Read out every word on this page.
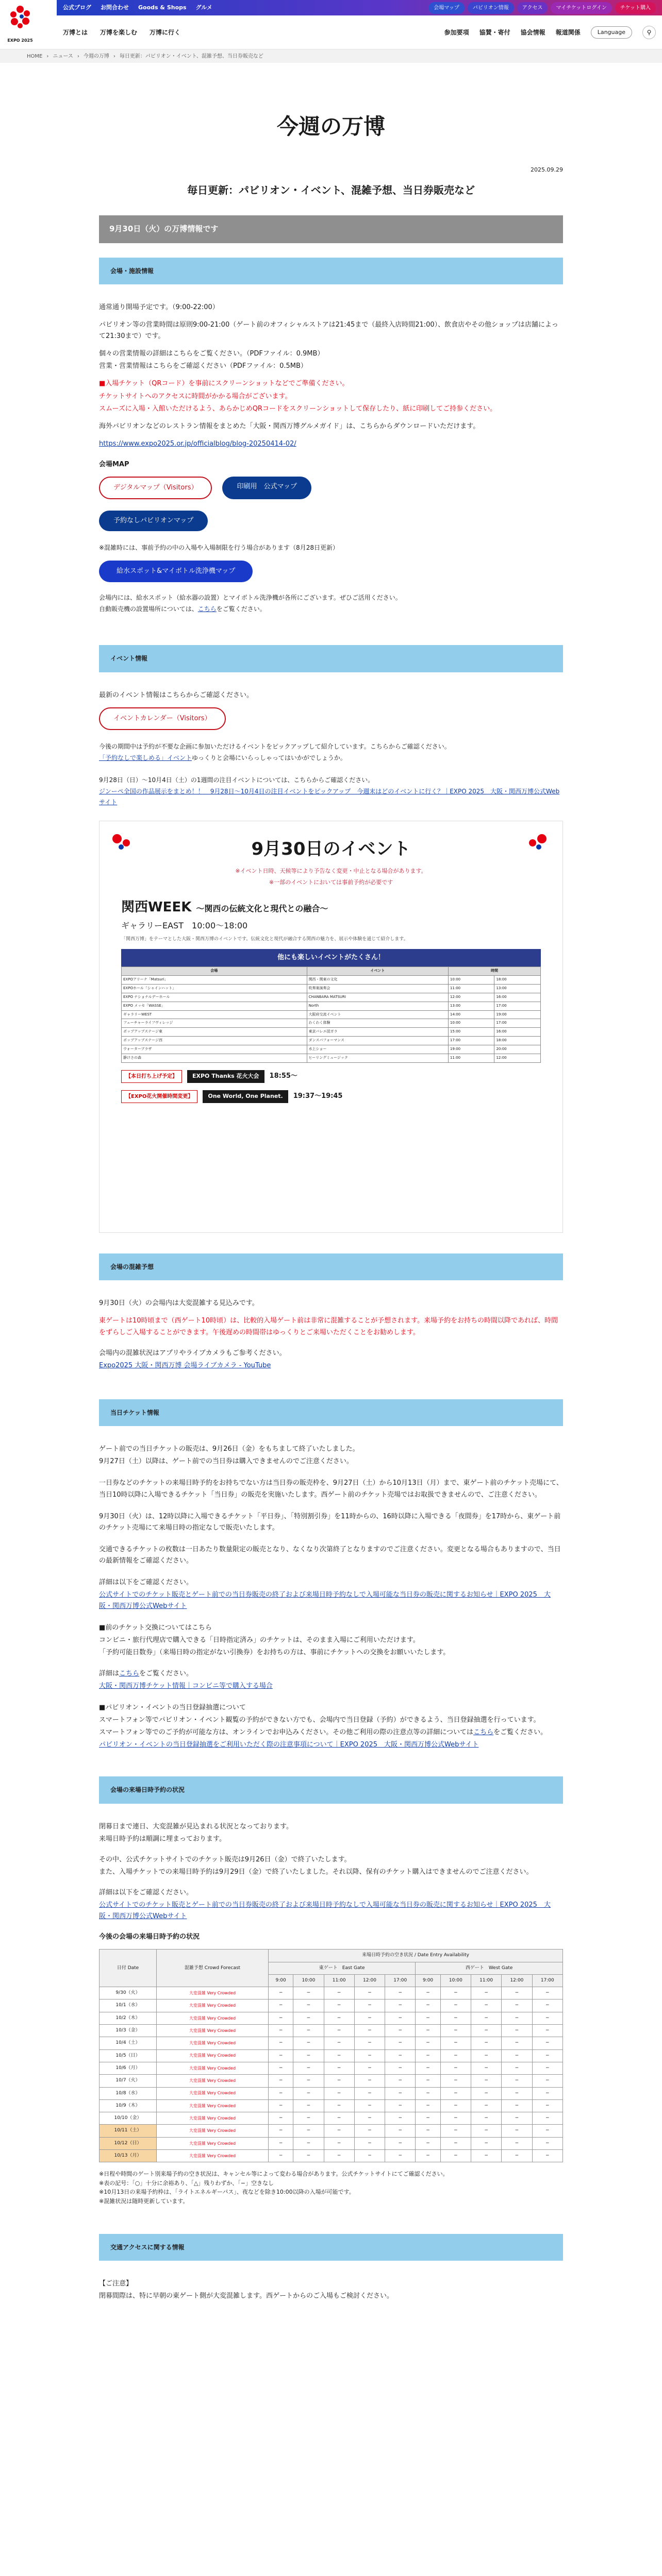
EXPO 2025
公式ブログ お問合わせ Goods & Shops グルメ	会場マップ	パビリオン情報	アクセス	マイチケットログイン	チケット購入
万博とは 万博を楽しむ 万博に行く	参加要項 協賛・寄付 協会情報 報道関係	Language	⚲
HOME › ニュース › 今週の万博 › 毎日更新：パビリオン・イベント、混雑予想、当日券販売など
今週の万博
2025.09.29
毎日更新：パビリオン・イベント、混雑予想、当日券販売など
9月30日（火）の万博情報です
会場・施設情報

通常通り開場予定です。（9:00-22:00）

パビリオン等の営業時間は原則9:00-21:00（ゲート前のオフィシャルストアは21:45まで（最終入店時間21:00）、飲食店やその他ショップは店舗によって21:30まで）です。

個々の営業情報の詳細はこちらをご覧ください。（PDFファイル：0.9MB）

営業・営業情報はこちらをご確認ください（PDFファイル：0.5MB）

■入場チケット（QRコード）を事前にスクリーンショットなどでご準備ください。

チケットサイトへのアクセスに時間がかかる場合がございます。

スムーズに入場・入館いただけるよう、あらかじめQRコードをスクリーンショットして保存したり、紙に印刷してご持参ください。

海外パビリオンなどのレストラン情報をまとめた「大阪・関西万博グルメガイド」は、こちらからダウンロードいただけます。

https://www.expo2025.or.jp/officialblog/blog-20250414-02/

会場MAP

デジタルマップ（Visitors）	印刷用　公式マップ
予約なしパビリオンマップ

※混雑時には、事前予約の中の入場や入場制限を行う場合があります（8月28日更新）

給水スポット&マイボトル洗浄機マップ

会場内には、給水スポット（給水器の設置）とマイボトル洗浄機が各所にございます。ぜひご活用ください。

自動販売機の設置場所については、こちらをご覧ください。

イベント情報

最新のイベント情報はこちらからご確認ください。

イベントカレンダー（Visitors）

今後の期間中は予約が不要な企画に参加いただけるイベントをピックアップして紹介しています。こちらからご確認ください。

「予約なしで楽しめる」イベントゆっくりと会場にいらっしゃってはいかがでしょうか。

9月28日（日）〜10月4日（土）の1週間の注目イベントについては、こちらからご確認ください。

ジンーペ全国の作品展示をまとめ！！　9月28日〜10月4日の注目イベントをピックアップ　今週末はどのイベントに行く？｜EXPO 2025　大阪・関西万博公式Webサイト

9月30日のイベント
※イベント日時、天候等により予告なく変更・中止となる場合があります。
※一部のイベントにおいては事前予約が必要です
関西WEEK 〜関西の伝統文化と現代との融合〜
ギャラリーEAST　 10:00〜18:00
「関西万博」をテーマとした大阪・関西万博のイベントです。伝統文化と現代が融合する関西の魅力を、展示や体験を通じて紹介します。
他にも楽しいイベントがたくさん！
会場	イベント	時間	
EXPOアリーナ「Matsuri」	関西・関東の文化	10:00	18:00
EXPOホール「シャインハット」	吹奏楽演奏会	11:00	13:00
EXPO ナショナルデーホール	CHANBARA MATSURI	12:00	16:00
EXPO メッセ「WASSE」	North	13:00	17:00
ギャラリーWEST	大阪府交流イベント	14:00	19:00
フューチャーライフヴィレッジ	わくわく体験	10:00	17:00
ポップアップステージ東	東京バレエ団ガラ	15:00	16:00
ポップアップステージ西	ダンスパフォーマンス	17:00	18:00
ウォータープラザ	水上ショー	19:00	20:00
静けさの森	ヒーリングミュージック	11:00	12:00
【本日打ち上げ予定】	EXPO Thanks 花火大会	18:55〜
【EXPO花火開催時間変更】	One World, One Planet.	19:37〜19:45
会場の混雑予想

9月30日（火）の会場内は大変混雑する見込みです。

東ゲートは10時頃まで（西ゲート10時頃）は、比較的入場ゲート前は非常に混雑することが予想されます。来場予約をお持ちの時間以降であれば、時間をずらしご入場することができます。午後遅めの時間帯はゆっくりとご来場いただくことをお勧めします。

会場内の混雑状況はアプリやライブカメラもご参考ください。

Expo2025 大阪・関西万博 会場ライブカメラ - YouTube

当日チケット情報

ゲート前での当日チケットの販売は、9月26日（金）をもちまして終了いたしました。

9月27日（土）以降は、ゲート前での当日券は購入できませんのでご注意ください。

一日券などのチケットの来場日時予約をお持ちでない方は当日券の販売枠を、9月27日（土）から10月13日（月）まで、東ゲート前のチケット売場にて、当日10時以降に入場できるチケット「当日券」の販売を実施いたします。西ゲート前のチケット売場ではお取扱できませんので、ご注意ください。

9月30日（火）は、12時以降に入場できるチケット「平日券」、「特別割引券」を11時からの、16時以降に入場できる「夜間券」を17時から、東ゲート前のチケット売場にて来場日時の指定なしで販売いたします。

交通できるチケットの枚数は一日あたり数量限定の販売となり、なくなり次第終了となりますのでご注意ください。変更となる場合もありますので、当日の最新情報をご確認ください。

詳細は以下をご確認ください。

公式サイトでのチケット販売とゲート前での当日券販売の終了および来場日時予約なしで入場可能な当日券の販売に関するお知らせ｜EXPO 2025　大阪・関西万博公式Webサイト

■前のチケット交換についてはこちら

コンビニ・旅行代理店で購入できる「日時指定済み」のチケットは、そのまま入場にご利用いただけます。

「予約可能日数券」（来場日時の指定がない引換券）をお持ちの方は、事前にチケットへの交換をお願いいたします。

詳細はこちらをご覧ください。

大阪・関西万博チケット情報｜コンビニ等で購入する場合

■パビリオン・イベントの当日登録抽選について

スマートフォン等でパビリオン・イベント観覧の予約ができない方でも、会場内で当日登録（予約）ができるよう、当日登録抽選を行っています。

スマートフォン等でのご予約が可能な方は、オンラインでお申込みください。その他ご利用の際の注意点等の詳細についてはこちらをご覧ください。

パビリオン・イベントの当日登録抽選をご利用いただく際の注意事項について｜EXPO 2025　大阪・関西万博公式Webサイト

会場の来場日時予約の状況

閉幕日まで連日、大変混雑が見込まれる状況となっております。

来場日時予約は順調に埋まっております。

その中、公式チケットサイトでのチケット販売は9月26日（金）で終了いたします。

また、入場チケットでの来場日時予約は9月29日（金）で終了いたしました。それ以降、保有のチケット購入はできませんのでご注意ください。

詳細は以下をご確認ください。

公式サイトでのチケット販売とゲート前での当日券販売の終了および来場日時予約なしで入場可能な当日券の販売に関するお知らせ｜EXPO 2025　大阪・関西万博公式Webサイト

今後の会場の来場日時予約の状況

日付 Date	混雑予想 Crowd Forecast	来場日時予約の空き状況 / Date Entry Availability									
		東ゲート　East Gate					西ゲート　West Gate				
		9:00	10:00	11:00	12:00	17:00	9:00	10:00	11:00	12:00	17:00
9/30（火）	大変混雑 Very Crowded	−	−	−	−	−	−	−	−	−	−
10/1（水）	大変混雑 Very Crowded	−	−	−	−	−	−	−	−	−	−
10/2（木）	大変混雑 Very Crowded	−	−	−	−	−	−	−	−	−	−
10/3（金）	大変混雑 Very Crowded	−	−	−	−	−	−	−	−	−	−
10/4（土）	大変混雑 Very Crowded	−	−	−	−	−	−	−	−	−	−
10/5（日）	大変混雑 Very Crowded	−	−	−	−	−	−	−	−	−	−
10/6（月）	大変混雑 Very Crowded	−	−	−	−	−	−	−	−	−	−
10/7（火）	大変混雑 Very Crowded	−	−	−	−	−	−	−	−	−	−
10/8（水）	大変混雑 Very Crowded	−	−	−	−	−	−	−	−	−	−
10/9（木）	大変混雑 Very Crowded	−	−	−	−	−	−	−	−	−	−
10/10（金）	大変混雑 Very Crowded	−	−	−	−	−	−	−	−	−	−
10/11（土）	大変混雑 Very Crowded	−	−	−	−	−	−	−	−	−	−
10/12（日）	大変混雑 Very Crowded	−	−	−	−	−	−	−	−	−	−
10/13（月）	大変混雑 Very Crowded	−	−	−	−	−	−	−	−	−	−
※日程や時間のゲート別来場予約の空き状況は、キャンセル等によって変わる場合があります。公式チケットサイトにてご確認ください。
※表の記号：「○」十分に余裕あり、「△」残りわずか、「−」空きなし
※10月13日の来場予約枠は、「ライトエネルギーパス」、夜などを除き10:00以降の入場が可能です。
※混雑状況は随時更新しています。
交通アクセスに関する情報

【ご注意】

閉幕間際は、特に早朝の東ゲート側が大変混雑します。西ゲートからのご入場もご検討ください。
